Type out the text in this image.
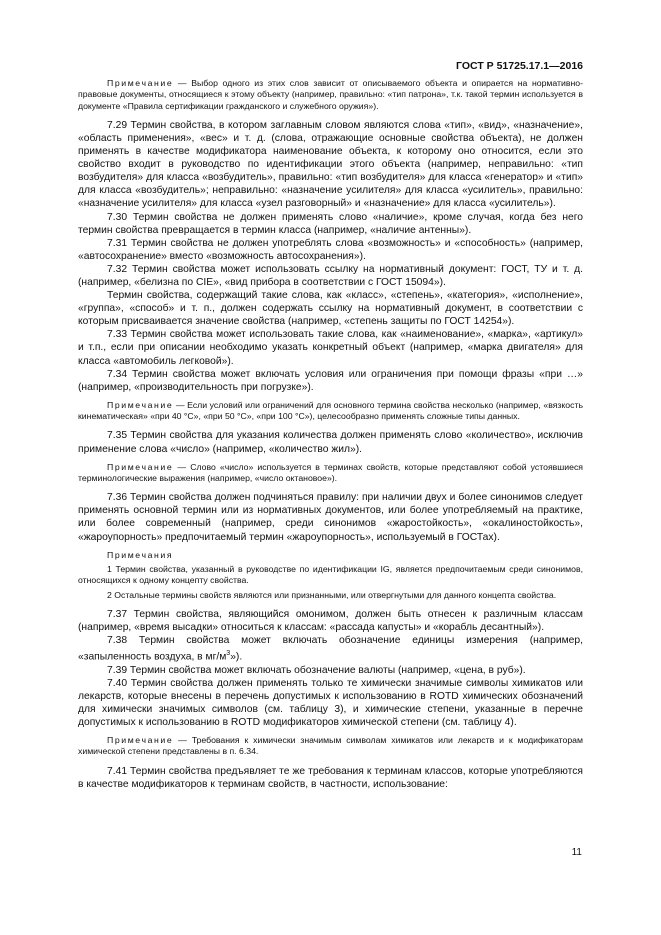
ГОСТ Р 51725.17.1—2016

Примечание — Выбор одного из этих слов зависит от описываемого объекта и опирается на нормативно-правовые документы, относящиеся к этому объекту (например, правильно: «тип патрона», т.к. такой термин используется в документе «Правила сертификации гражданского и служебного оружия»).

7.29 Термин свойства, в котором заглавным словом являются слова «тип», «вид», «назначение», «область применения», «вес» и т. д. (слова, отражающие основные свойства объекта), не должен применять в качестве модификатора наименование объекта, к которому оно относится, если это свойство входит в руководство по идентификации этого объекта (например, неправильно: «тип возбудителя» для класса «возбудитель», правильно: «тип возбудителя» для класса «генератор» и «тип» для класса «возбудитель»; неправильно: «назначение усилителя» для класса «усилитель», правильно: «назначение усилителя» для класса «узел разговорный» и «назначение» для класса «усилитель»).

7.30 Термин свойства не должен применять слово «наличие», кроме случая, когда без него термин свойства превращается в термин класса (например, «наличие антенны»).

7.31 Термин свойства не должен употреблять слова «возможность» и «способность» (например, «автосохранение» вместо «возможность автосохранения»).

7.32 Термин свойства может использовать ссылку на нормативный документ: ГОСТ, ТУ и т. д. (например, «белизна по CIE», «вид прибора в соответствии с ГОСТ 15094»).

Термин свойства, содержащий такие слова, как «класс», «степень», «категория», «исполнение», «группа», «способ» и т. п., должен содержать ссылку на нормативный документ, в соответствии с которым присваивается значение свойства (например, «степень защиты по ГОСТ 14254»).

7.33 Термин свойства может использовать такие слова, как «наименование», «марка», «артикул» и т.п., если при описании необходимо указать конкретный объект (например, «марка двигателя» для класса «автомобиль легковой»).

7.34 Термин свойства может включать условия или ограничения при помощи фразы «при …» (например, «производительность при погрузке»).

Примечание — Если условий или ограничений для основного термина свойства несколько (например, «вязкость кинематическая» «при 40 °С», «при 50 °С», «при 100 °С»), целесообразно применять сложные типы данных.

7.35 Термин свойства для указания количества должен применять слово «количество», исключив применение слова «число» (например, «количество жил»).

Примечание — Слово «число» используется в терминах свойств, которые представляют собой устоявшиеся терминологические выражения (например, «число октановое»).

7.36 Термин свойства должен подчиняться правилу: при наличии двух и более синонимов следует применять основной термин или из нормативных документов, или более употребляемый на практике, или более современный (например, среди синонимов «жаростойкость», «окалиностойкость», «жароупорность» предпочитаемый термин «жароупорность», используемый в ГОСТах).

Примечания

1 Термин свойства, указанный в руководстве по идентификации IG, является предпочитаемым среди синонимов, относящихся к одному концепту свойства.

2 Остальные термины свойств являются или признанными, или отвергнутыми для данного концепта свойства.

7.37 Термин свойства, являющийся омонимом, должен быть отнесен к различным классам (например, «время высадки» относиться к классам: «рассада капусты» и «корабль десантный»).

7.38 Термин свойства может включать обозначение единицы измерения (например, «запыленность воздуха, в $мг/м^3$»).

7.39 Термин свойства может включать обозначение валюты (например, «цена, в руб»).

7.40 Термин свойства должен применять только те химически значимые символы химикатов или лекарств, которые внесены в перечень допустимых к использованию в ROTD химических обозначений для химически значимых символов (см. таблицу 3), и химические степени, указанные в перечне допустимых к использованию в ROTD модификаторов химической степени (см. таблицу 4).

Примечание — Требования к химически значимым символам химикатов или лекарств и к модификаторам химической степени представлены в п. 6.34.

7.41 Термин свойства предъявляет те же требования к терминам классов, которые употребляются в качестве модификаторов к терминам свойств, в частности, использование:

11
